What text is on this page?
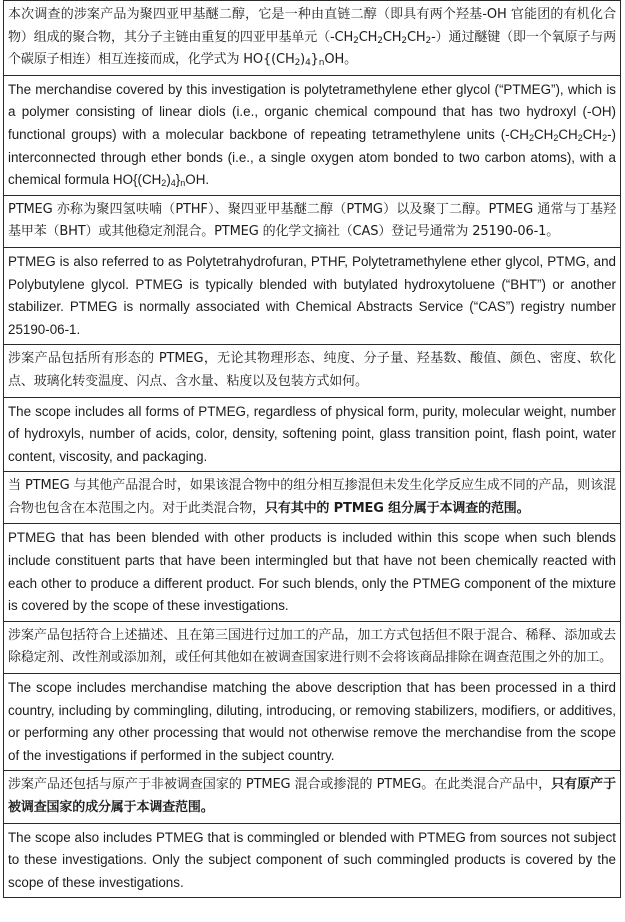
本次调查的涉案产品为聚四亚甲基醚二醇，它是一种由直链二醇（即具有两个羟基-OH 官能团的有机化合物）组成的聚合物，其分子主链由重复的四亚甲基单元$(-CH_2CH_2CH_2CH_2-)$通过醚键（即一个氧原子与两个碳原子相连）相互连接而成，化学式为 $HO\{(CH_2)_4\}_nOH$。
The merchandise covered by this investigation is polytetramethylene ether glycol (“PTMEG”), which is a polymer consisting of linear diols (i.e., organic chemical compound that has two hydroxyl (-OH) functional groups) with a molecular backbone of repeating tetramethylene units $(-CH_2CH_2CH_2CH_2-)$ interconnected through ether bonds (i.e., a single oxygen atom bonded to two carbon atoms), with a chemical formula $HO\{(CH_2)_4\}_nOH$.
PTMEG 亦称为聚四氢呋喃（PTHF）、聚四亚甲基醚二醇（PTMG）以及聚丁二醇。PTMEG 通常与丁基羟基甲苯（BHT）或其他稳定剂混合。PTMEG 的化学文摘社（CAS）登记号通常为 25190-06-1。
PTMEG is also referred to as Polytetrahydrofuran, PTHF, Polytetramethylene ether glycol, PTMG, and Polybutylene glycol. PTMEG is typically blended with butylated hydroxytoluene (“BHT”) or another stabilizer. PTMEG is normally associated with Chemical Abstracts Service (“CAS”) registry number 25190-06-1.
涉案产品包括所有形态的 PTMEG，无论其物理形态、纯度、分子量、羟基数、酸值、颜色、密度、软化点、玻璃化转变温度、闪点、含水量、粘度以及包装方式如何。
The scope includes all forms of PTMEG, regardless of physical form, purity, molecular weight, number of hydroxyls, number of acids, color, density, softening point, glass transition point, flash point, water content, viscosity, and packaging.
当 PTMEG 与其他产品混合时，如果该混合物中的组分相互掺混但未发生化学反应生成不同的产品，则该混合物也包含在本范围之内。对于此类混合物，只有其中的 PTMEG 组分属于本调查的范围。
PTMEG that has been blended with other products is included within this scope when such blends include constituent parts that have been intermingled but that have not been chemically reacted with each other to produce a different product. For such blends, only the PTMEG component of the mixture is covered by the scope of these investigations.
涉案产品包括符合上述描述、且在第三国进行过加工的产品，加工方式包括但不限于混合、稀释、添加或去除稳定剂、改性剂或添加剂，或任何其他如在被调查国家进行则不会将该商品排除在调查范围之外的加工。
The scope includes merchandise matching the above description that has been processed in a third country, including by commingling, diluting, introducing, or removing stabilizers, modifiers, or additives, or performing any other processing that would not otherwise remove the merchandise from the scope of the investigations if performed in the subject country.
涉案产品还包括与原产于非被调查国家的 PTMEG 混合或掺混的 PTMEG。在此类混合产品中，只有原产于被调查国家的成分属于本调查范围。
The scope also includes PTMEG that is commingled or blended with PTMEG from sources not subject to these investigations. Only the subject component of such commingled products is covered by the scope of these investigations.
